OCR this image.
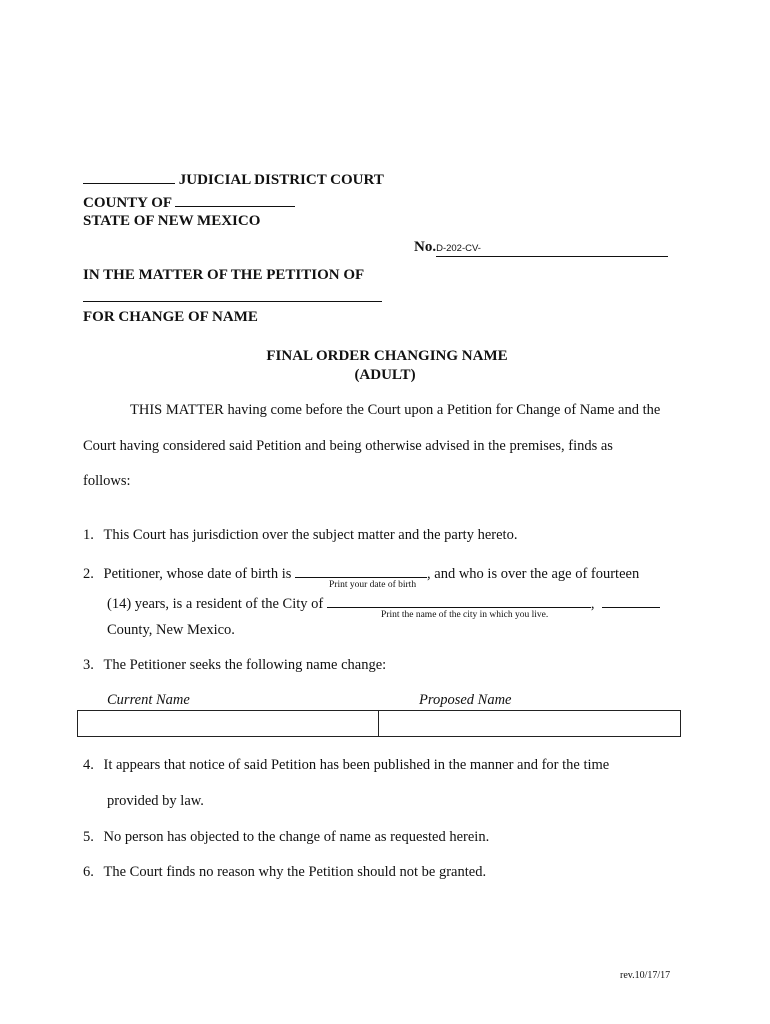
JUDICIAL DISTRICT COURT
COUNTY OF
STATE OF NEW MEXICO
No.D-202-CV-
IN THE MATTER OF THE PETITION OF
FOR CHANGE OF NAME
FINAL ORDER CHANGING NAME
(ADULT)
THIS MATTER having come before the Court upon a Petition for Change of Name and the
Court having considered said Petition and being otherwise advised in the premises, finds as
follows:
1. This Court has jurisdiction over the subject matter and the party hereto.
2. Petitioner, whose date of birth is	, and who is over the age of fourteen
Print your date of birth
(14) years, is a resident of the City of	,
Print the name of the city in which you live.
County, New Mexico.
3. The Petitioner seeks the following name change:
Current Name	Proposed Name
4. It appears that notice of said Petition has been published in the manner and for the time
provided by law.
5. No person has objected to the change of name as requested herein.
6. The Court finds no reason why the Petition should not be granted.
rev.10/17/17
